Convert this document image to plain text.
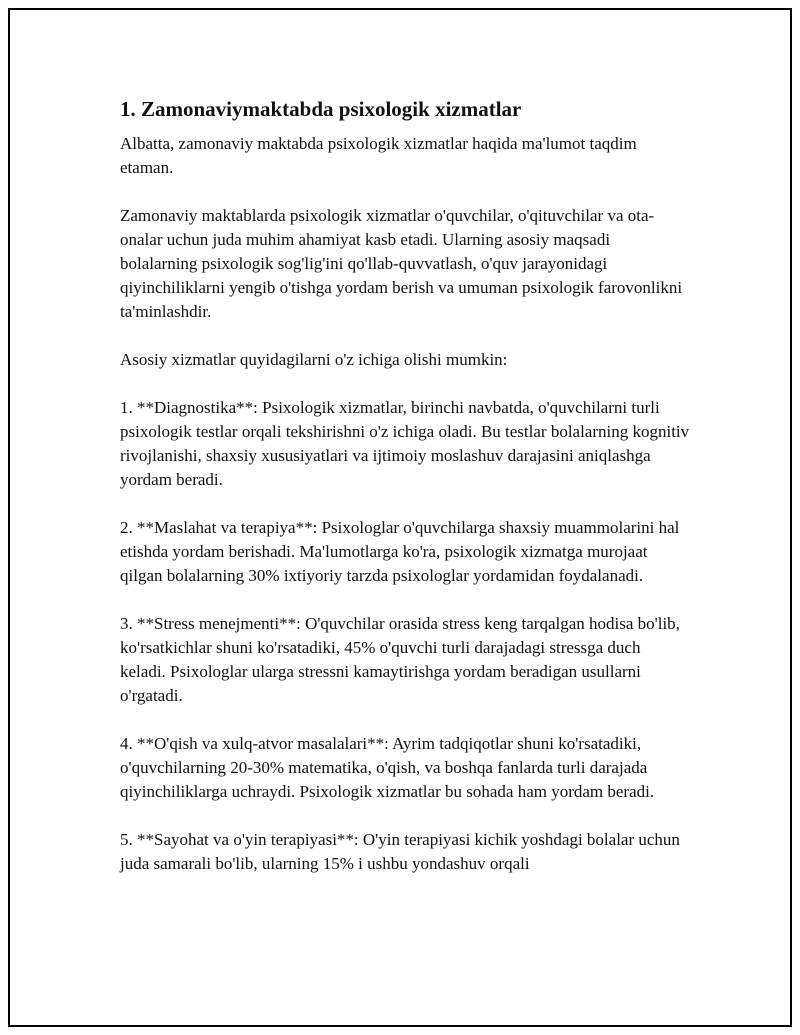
1. Zamonaviymaktabda psixologik xizmatlar

Albatta, zamonaviy maktabda psixologik xizmatlar haqida ma'lumot taqdim etaman.

Zamonaviy maktablarda psixologik xizmatlar o'quvchilar, o'qituvchilar va ota-onalar uchun juda muhim ahamiyat kasb etadi. Ularning asosiy maqsadi bolalarning psixologik sog'lig'ini qo'llab-quvvatlash, o'quv jarayonidagi qiyinchiliklarni yengib o'tishga yordam berish va umuman psixologik farovonlikni ta'minlashdir.

Asosiy xizmatlar quyidagilarni o'z ichiga olishi mumkin:

1. **Diagnostika**: Psixologik xizmatlar, birinchi navbatda, o'quvchilarni turli psixologik testlar orqali tekshirishni o'z ichiga oladi. Bu testlar bolalarning kognitiv rivojlanishi, shaxsiy xususiyatlari va ijtimoiy moslashuv darajasini aniqlashga yordam beradi.

2. **Maslahat va terapiya**: Psixologlar o'quvchilarga shaxsiy muammolarini hal etishda yordam berishadi. Ma'lumotlarga ko'ra, psixologik xizmatga murojaat qilgan bolalarning 30% ixtiyoriy tarzda psixologlar yordamidan foydalanadi.

3. **Stress menejmenti**: O'quvchilar orasida stress keng tarqalgan hodisa bo'lib, ko'rsatkichlar shuni ko'rsatadiki, 45% o'quvchi turli darajadagi stressga duch keladi. Psixologlar ularga stressni kamaytirishga yordam beradigan usullarni o'rgatadi.

4. **O'qish va xulq-atvor masalalari**: Ayrim tadqiqotlar shuni ko'rsatadiki, o'quvchilarning 20-30% matematika, o'qish, va boshqa fanlarda turli darajada qiyinchiliklarga uchraydi. Psixologik xizmatlar bu sohada ham yordam beradi.

5. **Sayohat va o'yin terapiyasi**: O'yin terapiyasi kichik yoshdagi bolalar uchun juda samarali bo'lib, ularning 15% i ushbu yondashuv orqali
